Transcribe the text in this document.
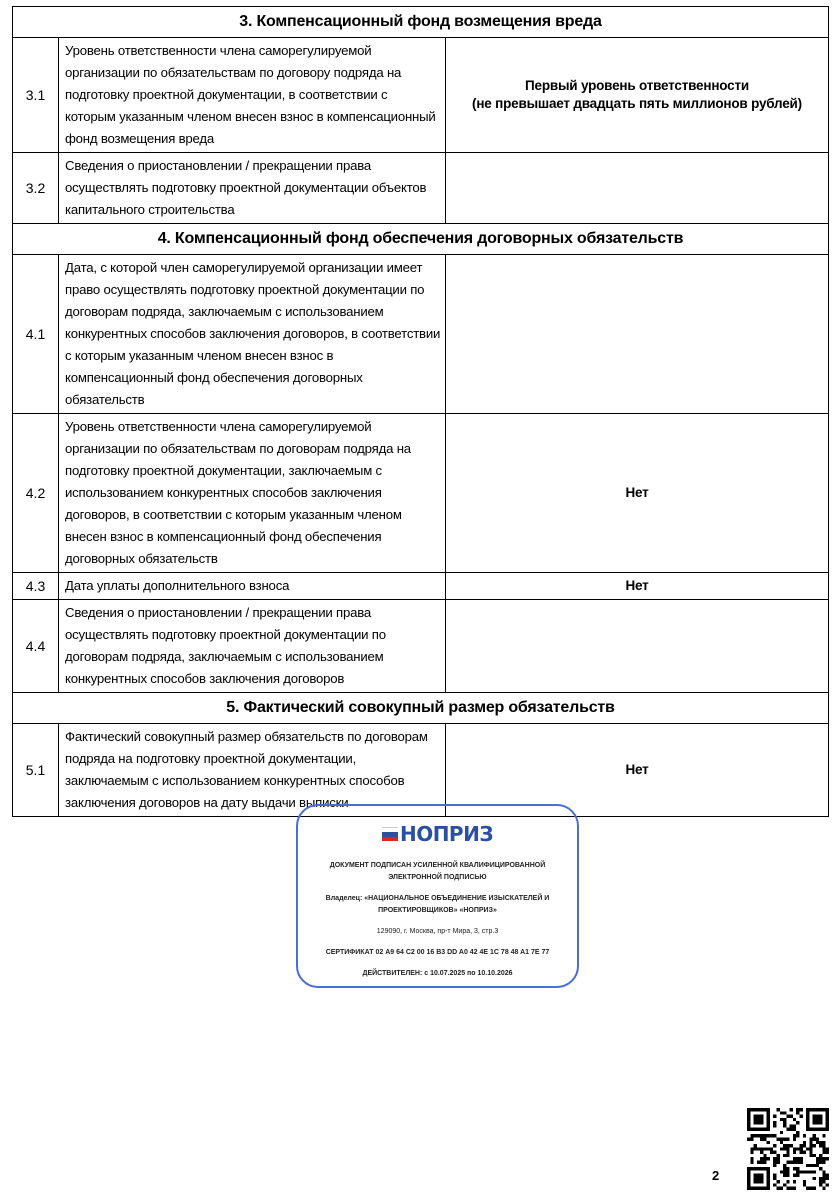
3. Компенсационный фонд возмещения вреда		
3.1	Уровень ответственности члена саморегулируемой организации по обязательствам по договору подряда на подготовку проектной документации, в соответствии с которым указанным членом внесен взнос в компенсационный фонд возмещения вреда	Первый уровень ответственности
(не превышает двадцать пять миллионов рублей)

3.2	Сведения о приостановлении / прекращении права осуществлять подготовку проектной документации объектов капитального строительства	
4. Компенсационный фонд обеспечения договорных обязательств		
4.1	Дата, с которой член саморегулируемой организации имеет право осуществлять подготовку проектной документации по договорам подряда, заключаемым с использованием конкурентных способов заключения договоров, в соответствии с которым указанным членом внесен взнос в компенсационный фонд обеспечения договорных обязательств	
4.2	Уровень ответственности члена саморегулируемой организации по обязательствам по договорам подряда на подготовку проектной документации, заключаемым с использованием конкурентных способов заключения договоров, в соответствии с которым указанным членом внесен взнос в компенсационный фонд обеспечения договорных обязательств	Нет
4.3	Дата уплаты дополнительного взноса	Нет
4.4	Сведения о приостановлении / прекращении права осуществлять подготовку проектной документации по договорам подряда, заключаемым с использованием конкурентных способов заключения договоров	
5. Фактический совокупный размер обязательств		
5.1	Фактический совокупный размер обязательств по договорам подряда на подготовку проектной документации, заключаемым с использованием конкурентных способов заключения договоров на дату выдачи выписки	Нет
НОПРИЗ
ДОКУМЕНТ ПОДПИСАН УСИЛЕННОЙ КВАЛИФИЦИРОВАННОЙ
ЭЛЕКТРОННОЙ ПОДПИСЬЮ
Владелец: «НАЦИОНАЛЬНОЕ ОБЪЕДИНЕНИЕ ИЗЫСКАТЕЛЕЙ И
ПРОЕКТИРОВЩИКОВ» «НОПРИЗ»
129090, г. Москва, пр-т Мира, 3, стр.3
СЕРТИФИКАТ 02 A9 64 C2 00 16 B3 DD A0 42 4E 1C 78 48 A1 7E 77
ДЕЙСТВИТЕЛЕН: с 10.07.2025 по 10.10.2026
2
